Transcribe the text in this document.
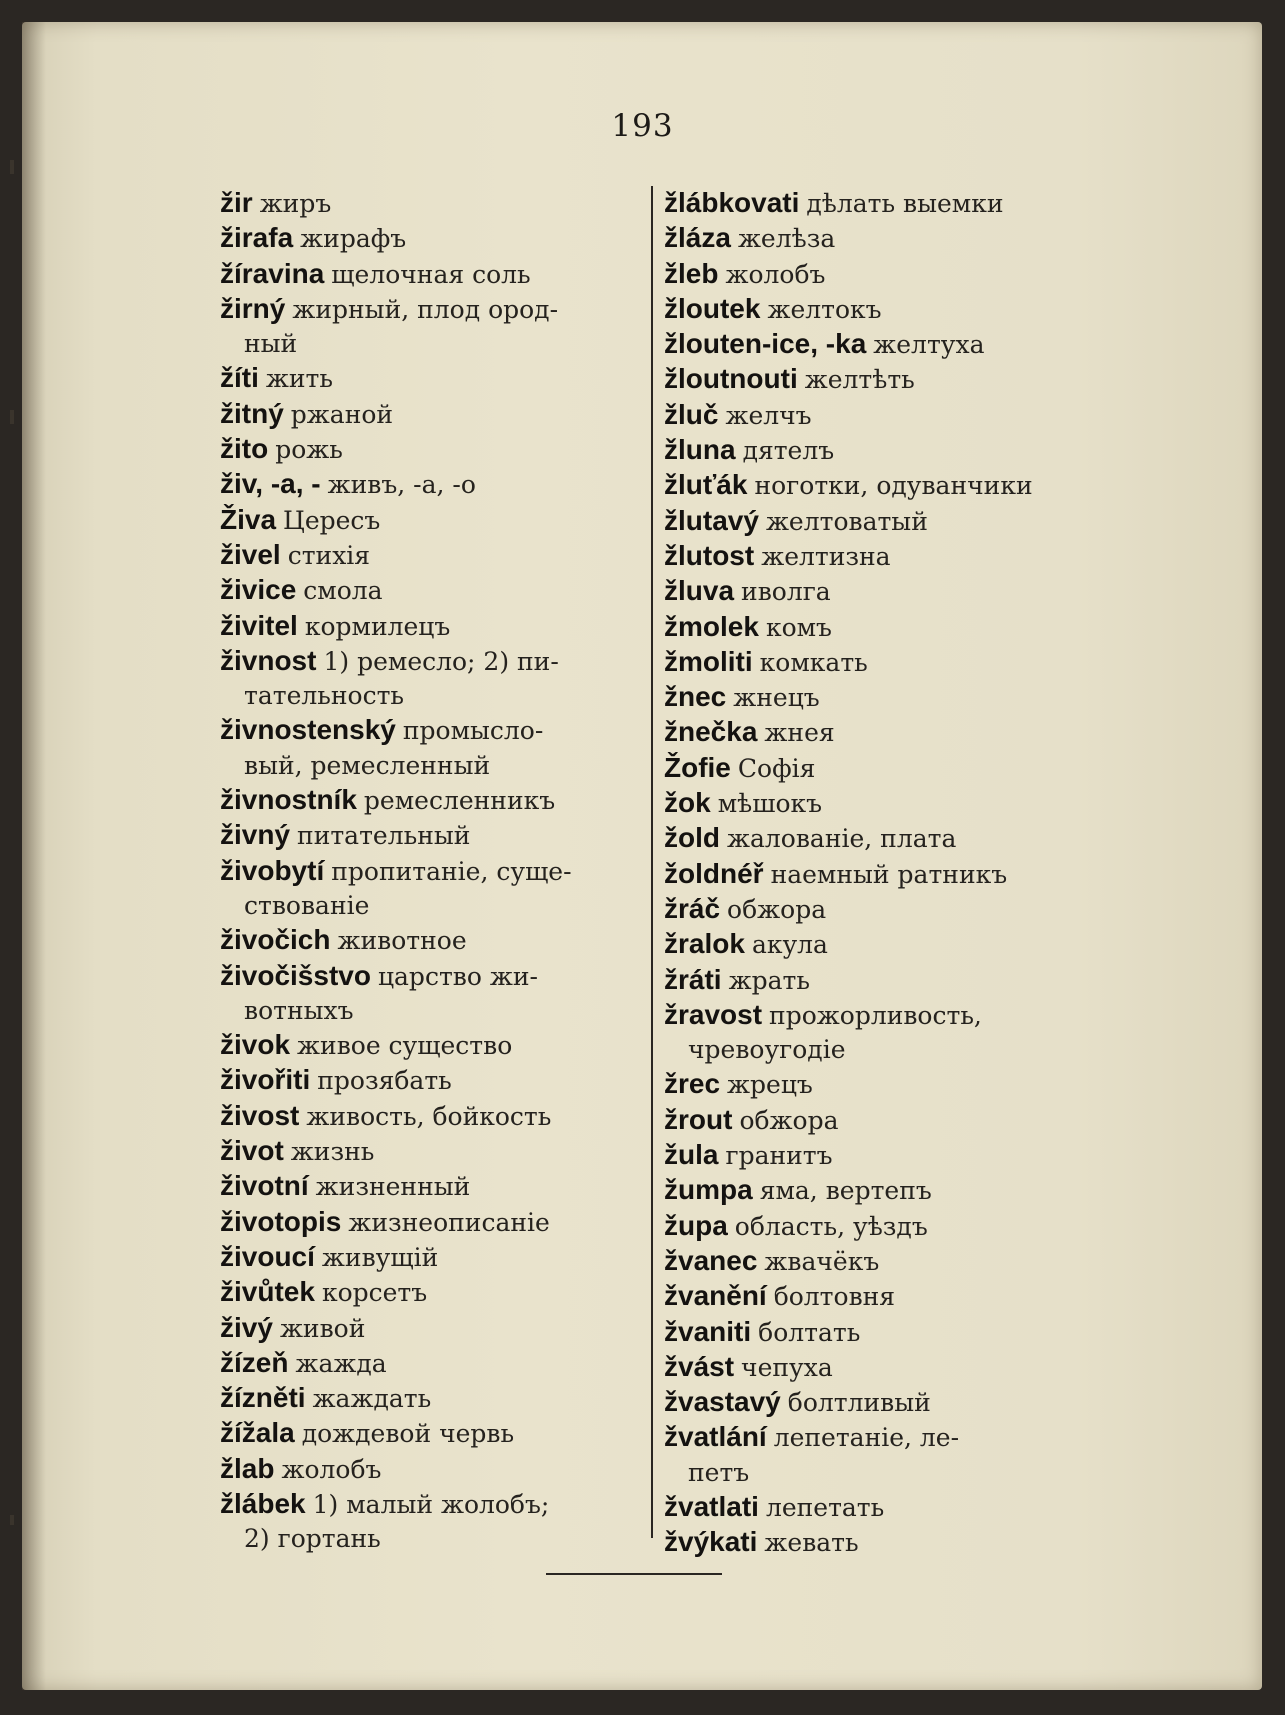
193
žir жиръ
žirafa жирафъ
žíravina щелочная соль
žirný жирный, плод ород-
ный
žíti жить
žitný ржаной
žito рожь
živ, -a, - живъ, -а, -о
Živa Цересъ
živel стихія
živice смола
živitel кормилецъ
živnost 1) ремесло; 2) пи-
тательность
živnostenský промысло-
вый, ремесленный
živnostník ремесленникъ
živný питательный
živobytí пропитаніе, суще-
ствованіе
živočich животное
živočišstvo царство жи-
вотныхъ
živok живое существо
živořiti прозябать
živost живость, бойкость
život жизнь
životní жизненный
životopis жизнеописаніе
živoucí живущій
živůtek корсетъ
živý живой
žízeň жажда
žízněti жаждать
žížala дождевой червь
žlab жолобъ
žlábek 1) малый жолобъ;
2) гортань
žlábkovati дѣлать выемки
žláza желѣза
žleb жолобъ
žloutek желтокъ
žlouten-ice, -ka желтуха
žloutnouti желтѣть
žluč желчъ
žluna дятелъ
žluťák ноготки, одуванчики
žlutavý желтоватый
žlutost желтизна
žluva иволга
žmolek комъ
žmoliti комкать
žnec жнецъ
žnečka жнея
Žofie Софія
žok мѣшокъ
žold жалованіе, плата
žoldnéř наемный ратникъ
žráč обжора
žralok акула
žráti жрать
žravost прожорливость,
чревоугодіе
žrec жрецъ
žrout обжора
žula гранитъ
žumpa яма, вертепъ
župa область, уѣздъ
žvanec жвачёкъ
žvanění болтовня
žvaniti болтать
žvást чепуха
žvastavý болтливый
žvatlání лепетаніе, ле-
петъ
žvatlati лепетать
žvýkati жевать
